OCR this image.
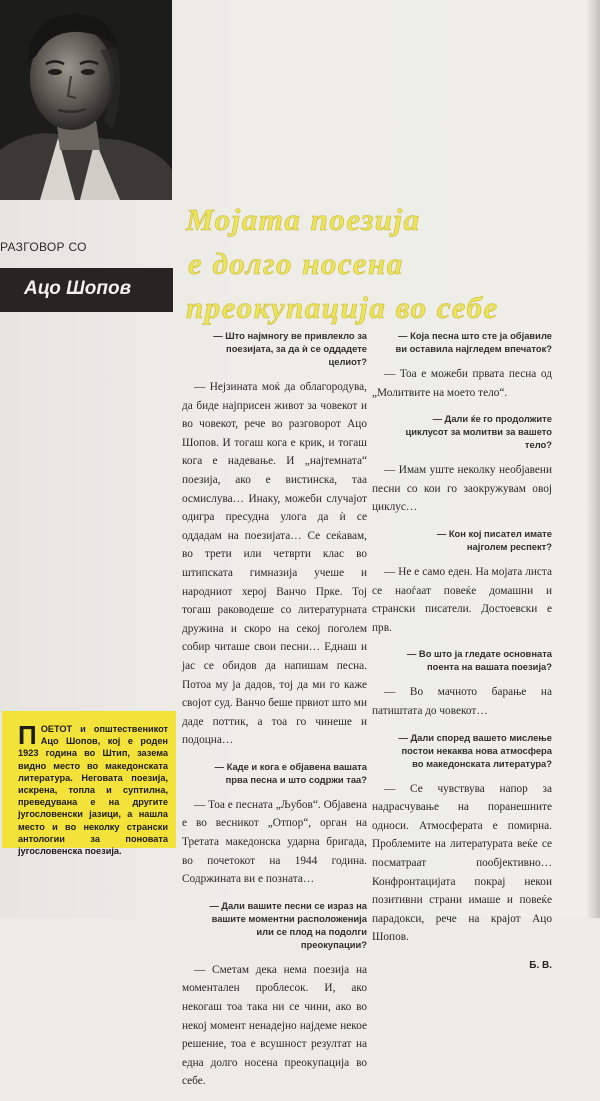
РАЗГОВОР СО
Ацо Шопов
Мојата поезија
е долго носена
преокупација во себе

— Што најмногу ве привлекло за поезијата, за да ѝ се оддадете целиот?

— Нејзината моќ да облагородува, да биде најприсен живот за човекот и во човекот, рече во разговорот Ацо Шопов. И тогаш кога е крик, и тогаш кога е надевање. И „најтемната“ поезија, ако е вистинска, таа осмислува… Инаку, можеби случајот одигра пресудна улога да ѝ се оддадам на поезијата… Се сеќавам, во трети или четврти клас во штипската гимназија учеше и народниот херој Ванчо Прке. Тој тогаш раководеше со литературната дружина и скоро на секој поголем собир читаше свои песни… Еднаш и јас се обидов да напишам песна. Потоа му ја дадов, тој да ми го каже својот суд. Ванчо беше првиот што ми даде поттик, а тоа го чинеше и подоцна…

— Каде и кога е објавена вашата прва песна и што содржи таа?

— Тоа е песната „Љубов“. Објавена е во весникот „Отпор“, орган на Третата македонска ударна бригада, во почетокот на 1944 година. Содржината ви е позната…

— Дали вашите песни се израз на вашите моментни расположенија или се плод на подолги преокупации?

— Сметам дека нема поезија на моментален проблесок. И, ако некогаш тоа така ни се чини, ако во некој момент ненадејно најдеме некое решение, тоа е всушност резултат на една долго носена преокупација во себе.

— Која песна што сте ја објавиле ви оставила најгледем впечаток?

— Тоа е можеби првата песна од „Молитвите на моето тело“.

— Дали ќе го продолжите циклусот за молитви за вашето тело?

— Имам уште неколку необјавени песни со кои го заокружувам овој циклус…

— Кон кој писател имате најголем респект?

— Не е само еден. На мојата листа се наоѓаат повеќе домашни и странски писатели. Достоевски е прв.

— Во што ја гледате основната поента на вашата поезија?

— Во мачното барање на патиштата до човекот…

— Дали според вашето мислење постои некаква нова атмосфера во македонската литература?

— Се чувствува напор за надрасчување на поранешните односи. Атмосферата е помирна. Проблемите на литературата веќе се посматраат пообјективно… Конфронтацијата покрај некои позитивни страни имаше и повеќе парадокси, рече на крајот Ацо Шопов.

Б. В.

П ОЕТОТ и општественикот Ацо Шопов, кој е роден 1923 година во Штип, зазема видно место во македонската литература. Неговата поезија, искрена, топла и суптилна, преведувана е на другите југословенски јазици, а нашла место и во неколку странски антологии за поновата југословенска поезија.
